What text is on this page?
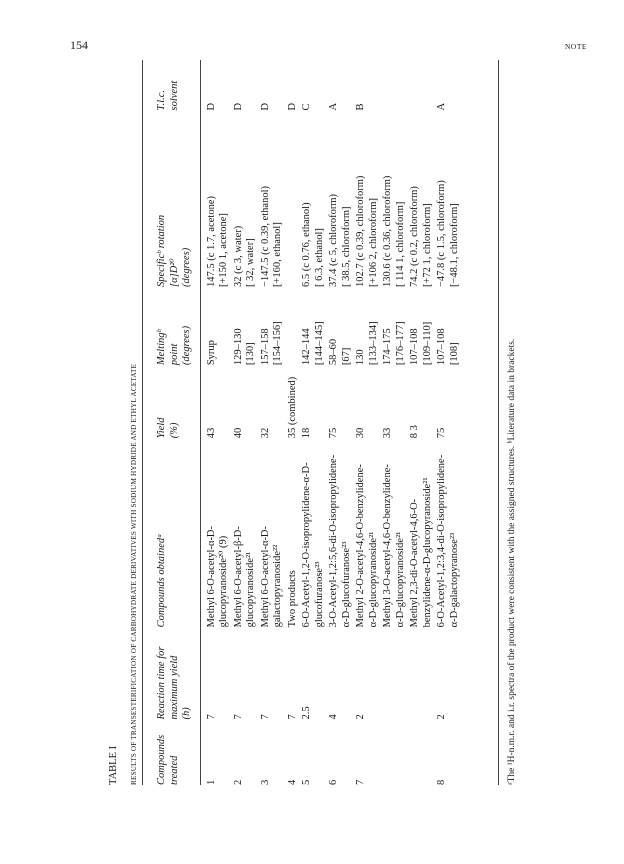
154	NOTE
TABLE I RESULTS OF TRANSESTERIFICATION OF CARBOHYDRATE DERIVATIVES WITH SODIUM HYDRIDE AND ETHYL ACETATE Compounds treated	Reaction time for maximum yield (h)	Compounds obtainedᵃ	Yield (%)	Meltingᵇ point (degrees)	Specificᵇ rotation [α]D²⁰ (degrees)	T.l.c. solvent

1	7	Methyl 6-O-acetyl-α-D- glucopyranoside²⁰ (9)	43	Syrup	147.5 (c 1.7, acetone) [+150 1, acetone]	D
2	7	Methyl 6-O-acetyl-β-D- glucopyranoside²¹	40	129–130 [130]	32 (c 3, water) [ 32, water]	D
3	7	Methyl 6-O-acetyl-α-D- galactopyranoside²²	32	157–158 [154–156]	−147.5 (c 0.39, ethanol) [+160, ethanol]	D
4	7	Two products	35 (combined)			D
5	2.5	6-O-Acetyl-1,2-O-isopropylidene-α-D- glucofuranose²³	18	142–144 [144–145]	6.5 (c 0.76, ethanol) [ 6.3, ethanol]	C
6	4	3-O-Acetyl-1,2:5,6-di-O-isopropylidene- α-D-glucofuranose²³	75	58–60 [67]	37.4 (c 5, chloroform) [ 38.5, chloroform]	A
7	2	Methyl 2-O-acetyl-4,6-O-benzylidene- α-D-glucopyranoside²¹	30	130 [133–134]	102.7 (c 0.39, chloroform) [+106 2, chloroform]	B

		Methyl 3-O-acetyl-4,6-O-benzylidene- α-D-glucopyranoside²¹	33	174–175 [176–177]	130.6 (c 0.36, chloroform) [ 114 1, chloroform]	

		Methyl 2,3-di-O-acetyl-4,6-O- benzylidene-α-D-glucopyranoside²¹	8 3	107–108 [109–110]	74.2 (c 0.2, chloroform) [+72 1, chloroform]	

8	2	6-O-Acetyl-1,2:3,4-di-O-isopropylidene- α-D-galactopyranose²³	75	107–108 [108]	−47.8 (c 1.5, chloroform) [−48.1, chloroform]	A
ᵃThe ¹H-n.m.r. and i.r. spectra of the product were consistent with the assigned structures. ᵇLiterature data in brackets.
